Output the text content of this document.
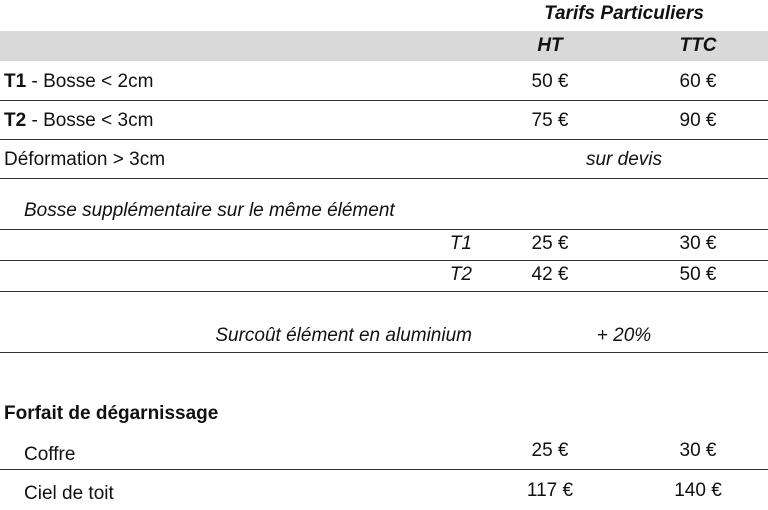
Tarifs Particuliers
HT	TTC
T1 - Bosse < 2cm	50 €	60 €
T2 - Bosse < 3cm	75 €	90 €
Déformation > 3cm	sur devis
Bosse supplémentaire sur le même élément
T1	25 €	30 €
T2	42 €	50 €
Surcoût élément en aluminium	+ 20%
Forfait de dégarnissage
Coffre	25 €	30 €
Ciel de toit	117 €	140 €
